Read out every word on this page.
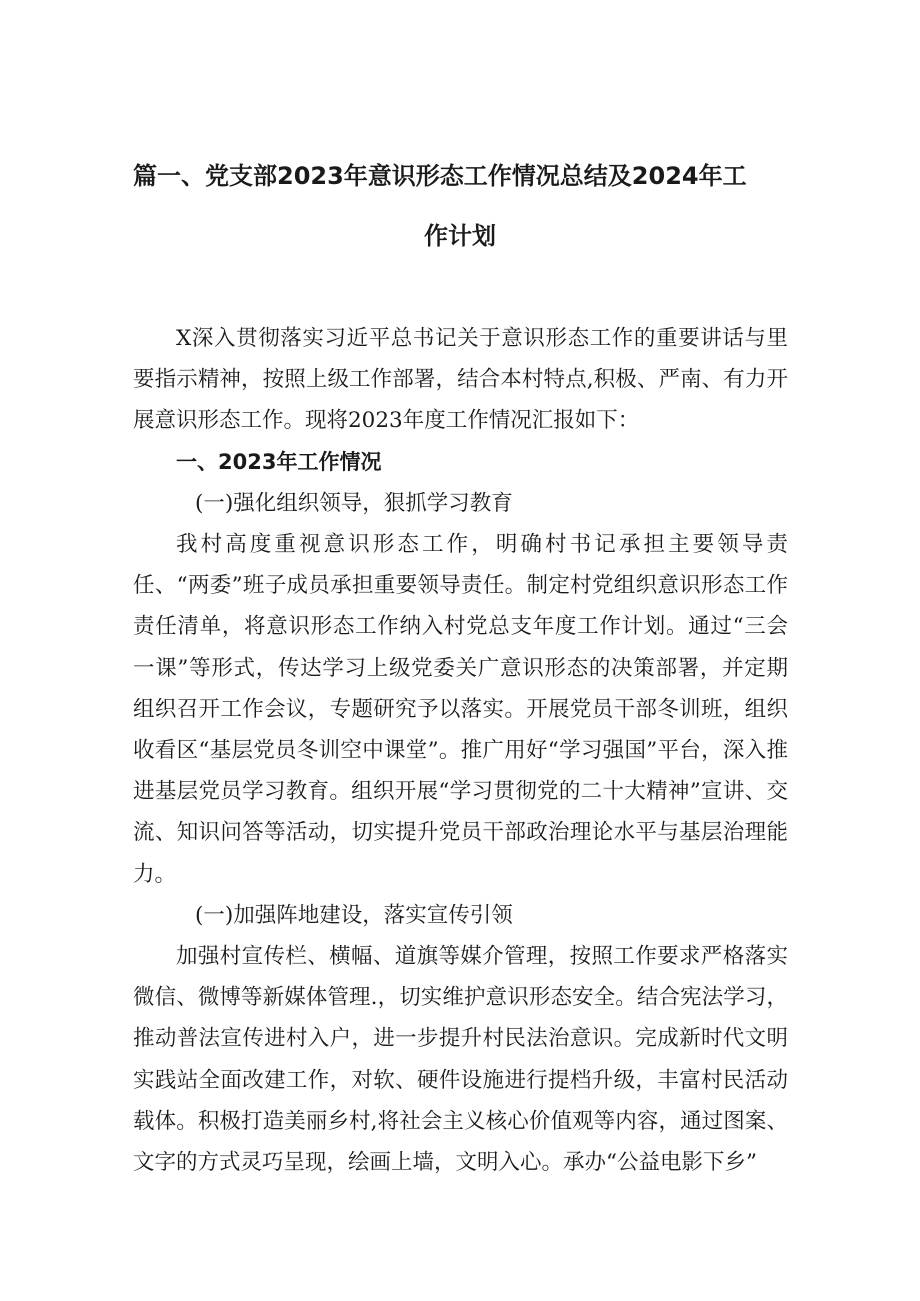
篇一、党支部2023年意识形态工作情况总结及2024年工
作计划

X深入贯彻落实习近平总书记关于意识形态工作的重要讲话与里要指示精神，按照上级工作部署，结合本村特点,积极、严南、有力开展意识形态工作。现将2023年度工作情况汇报如下：

一、2023年工作情况

(一)强化组织领导，狠抓学习教育

我村高度重视意识形态工作，明确村书记承担主要领导责任、“两委”班子成员承担重要领导责任。制定村党组织意识形态工作责任清单，将意识形态工作纳入村党总支年度工作计划。通过“三会一课”等形式，传达学习上级党委关广意识形态的决策部署，并定期组织召开工作会议，专题研究予以落实。开展党员干部冬训班，组织收看区“基层党员冬训空中课堂”。推广用好“学习强国”平台，深入推进基层党员学习教育。组织开展“学习贯彻党的二十大精神”宣讲、交流、知识问答等活动，切实提升党员干部政治理论水平与基层治理能力。

(一)加强阵地建设，落实宣传引领

加强村宣传栏、横幅、道旗等媒介管理，按照工作要求严格落实微信、微博等新媒体管理.，切实维护意识形态安全。结合宪法学习，推动普法宣传进村入户，进一步提升村民法治意识。完成新时代文明实践站全面改建工作，对软、硬件设施进行提档升级，丰富村民活动载体。积极打造美丽乡村,将社会主义核心价值观等内容，通过图案、文字的方式灵巧呈现，绘画上墙，文明入心。承办“公益电影下乡”
